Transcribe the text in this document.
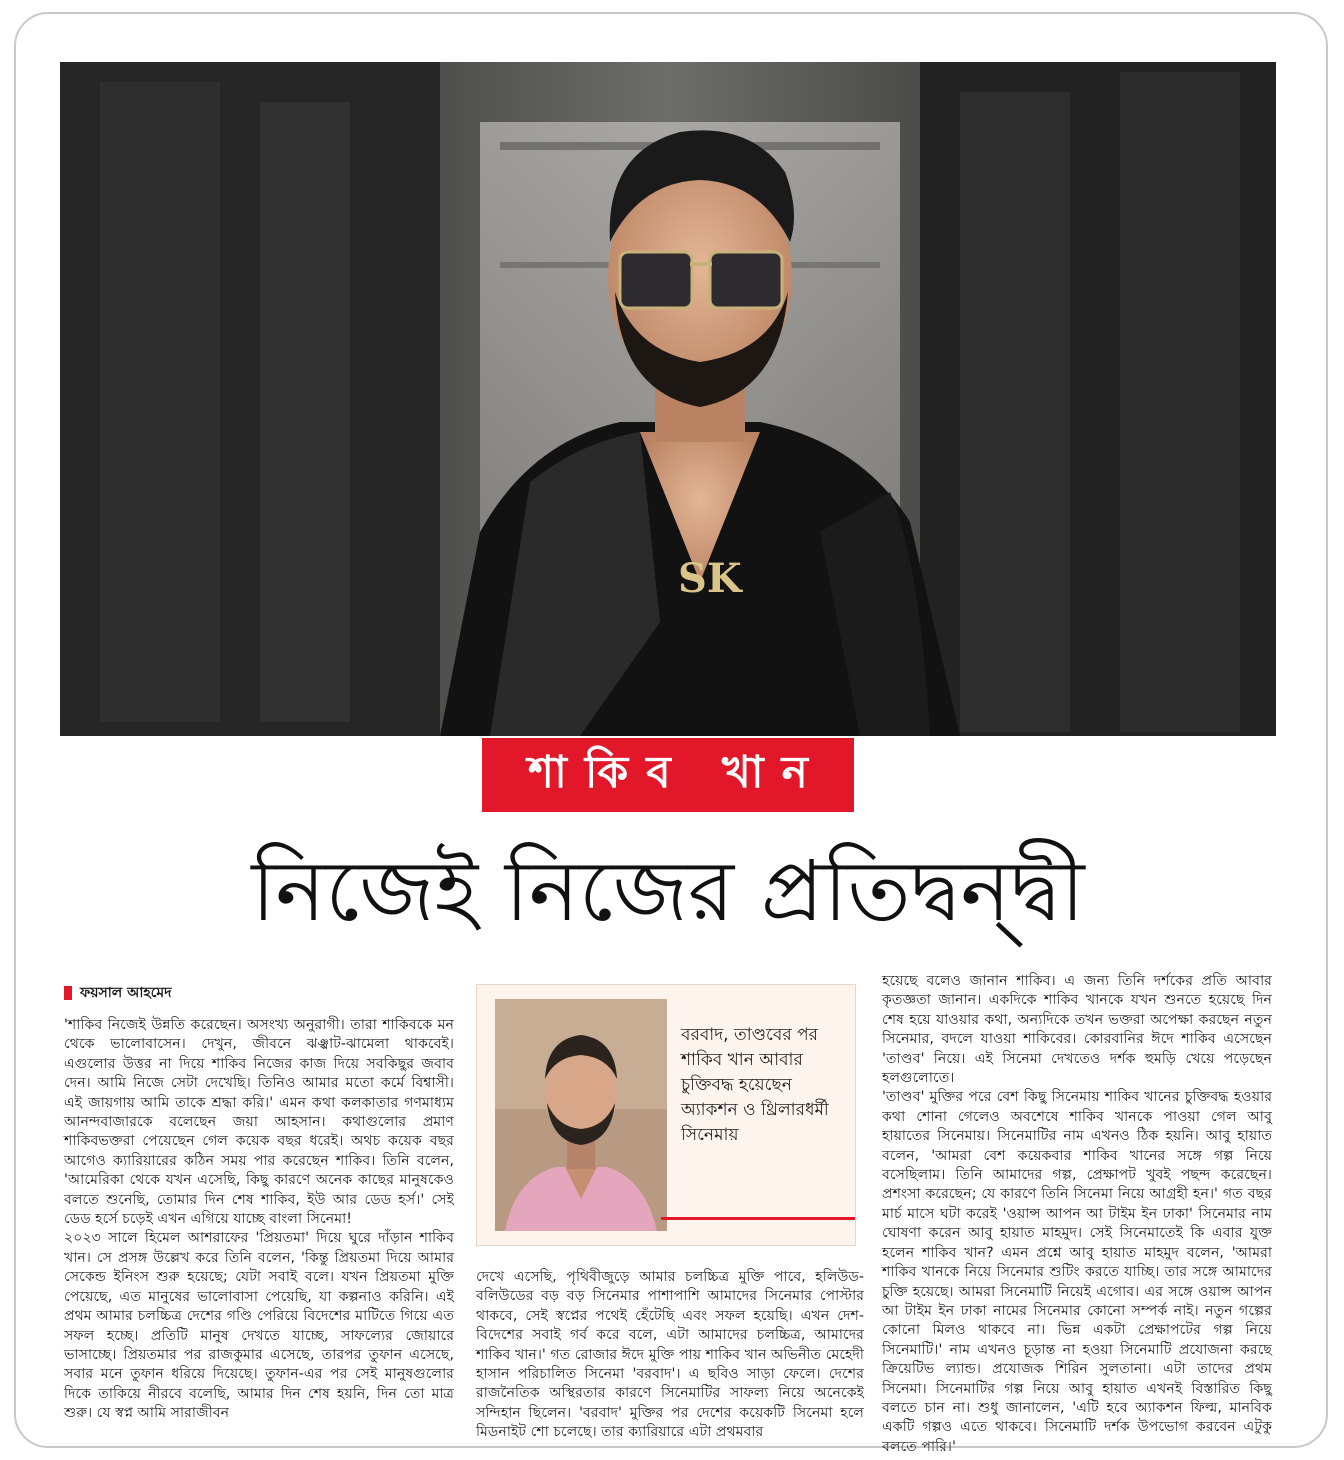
SK
শাকিব খান
নিজেই নিজের প্রতিদ্বন্দ্বী
ফয়সাল আহমেদ

'শাকিব নিজেই উন্নতি করেছেন। অসংখ্য অনুরাগী। তারা শাকিবকে মন থেকে ভালোবাসেন। দেখুন, জীবনে ঝঞ্ঝাট-ঝামেলা থাকবেই। এগুলোর উত্তর না দিয়ে শাকিব নিজের কাজ দিয়ে সবকিছুর জবাব দেন। আমি নিজে সেটা দেখেছি। তিনিও আমার মতো কর্মে বিশ্বাসী। এই জায়গায় আমি তাকে শ্রদ্ধা করি।' এমন কথা কলকাতার গণমাধ্যম আনন্দবাজারকে বলেছেন জয়া আহসান। কথাগুলোর প্রমাণ শাকিবভক্তরা পেয়েছেন গেল কয়েক বছর ধরেই। অথচ কয়েক বছর আগেও ক্যারিয়ারের কঠিন সময় পার করেছেন শাকিব। তিনি বলেন, 'আমেরিকা থেকে যখন এসেছি, কিছু কারণে অনেক কাছের মানুষকেও বলতে শুনেছি, তোমার দিন শেষ শাকিব, ইউ আর ডেড হর্স।' সেই ডেড হর্সে চড়েই এখন এগিয়ে যাচ্ছে বাংলা সিনেমা!

২০২৩ সালে হিমেল আশরাফের 'প্রিয়তমা' দিয়ে ঘুরে দাঁড়ান শাকিব খান। সে প্রসঙ্গ উল্লেখ করে তিনি বলেন, 'কিন্তু প্রিয়তমা দিয়ে আমার সেকেন্ড ইনিংস শুরু হয়েছে; যেটা সবাই বলে। যখন প্রিয়তমা মুক্তি পেয়েছে, এত মানুষের ভালোবাসা পেয়েছি, যা কল্পনাও করিনি। এই প্রথম আমার চলচ্চিত্র দেশের গণ্ডি পেরিয়ে বিদেশের মাটিতে গিয়ে এত সফল হচ্ছে। প্রতিটি মানুষ দেখতে যাচ্ছে, সাফল্যের জোয়ারে ভাসাচ্ছে। প্রিয়তমার পর রাজকুমার এসেছে, তারপর তুফান এসেছে, সবার মনে তুফান ধরিয়ে দিয়েছে। তুফান-এর পর সেই মানুষগুলোর দিকে তাকিয়ে নীরবে বলেছি, আমার দিন শেষ হয়নি, দিন তো মাত্র শুরু। যে স্বপ্ন আমি সারাজীবন

বরবাদ, তাণ্ডবের পর শাকিব খান আবার চুক্তিবদ্ধ হয়েছেন অ্যাকশন ও থ্রিলারধর্মী সিনেমায়

দেখে এসেছি, পৃথিবীজুড়ে আমার চলচ্চিত্র মুক্তি পাবে, হলিউড-বলিউডের বড় বড় সিনেমার পাশাপাশি আমাদের সিনেমার পোস্টার থাকবে, সেই স্বপ্নের পথেই হেঁটেছি এবং সফল হয়েছি। এখন দেশ-বিদেশের সবাই গর্ব করে বলে, এটা আমাদের চলচ্চিত্র, আমাদের শাকিব খান।' গত রোজার ঈদে মুক্তি পায় শাকিব খান অভিনীত মেহেদী হাসান পরিচালিত সিনেমা 'বরবাদ'। এ ছবিও সাড়া ফেলে। দেশের রাজনৈতিক অস্থিরতার কারণে সিনেমাটির সাফল্য নিয়ে অনেকেই সন্দিহান ছিলেন। 'বরবাদ' মুক্তির পর দেশের কয়েকটি সিনেমা হলে মিডনাইট শো চলেছে। তার ক্যারিয়ারে এটা প্রথমবার

হয়েছে বলেও জানান শাকিব। এ জন্য তিনি দর্শকের প্রতি আবার কৃতজ্ঞতা জানান। একদিকে শাকিব খানকে যখন শুনতে হয়েছে দিন শেষ হয়ে যাওয়ার কথা, অন্যদিকে তখন ভক্তরা অপেক্ষা করছেন নতুন সিনেমার, বদলে যাওয়া শাকিবের। কোরবানির ঈদে শাকিব এসেছেন 'তাণ্ডব' নিয়ে। এই সিনেমা দেখতেও দর্শক হুমড়ি খেয়ে পড়েছেন হলগুলোতে।

'তাণ্ডব' মুক্তির পরে বেশ কিছু সিনেমায় শাকিব খানের চুক্তিবদ্ধ হওয়ার কথা শোনা গেলেও অবশেষে শাকিব খানকে পাওয়া গেল আবু হায়াতের সিনেমায়। সিনেমাটির নাম এখনও ঠিক হয়নি। আবু হায়াত বলেন, 'আমরা বেশ কয়েকবার শাকিব খানের সঙ্গে গল্প নিয়ে বসেছিলাম। তিনি আমাদের গল্প, প্রেক্ষাপট খুবই পছন্দ করেছেন। প্রশংসা করেছেন; যে কারণে তিনি সিনেমা নিয়ে আগ্রহী হন।' গত বছর মার্চ মাসে ঘটা করেই 'ওয়ান্স আপন আ টাইম ইন ঢাকা' সিনেমার নাম ঘোষণা করেন আবু হায়াত মাহমুদ। সেই সিনেমাতেই কি এবার যুক্ত হলেন শাকিব খান? এমন প্রশ্নে আবু হায়াত মাহমুদ বলেন, 'আমরা শাকিব খানকে নিয়ে সিনেমার শুটিং করতে যাচ্ছি। তার সঙ্গে আমাদের চুক্তি হয়েছে। আমরা সিনেমাটি নিয়েই এগোব। এর সঙ্গে ওয়ান্স আপন আ টাইম ইন ঢাকা নামের সিনেমার কোনো সম্পর্ক নাই। নতুন গল্পের কোনো মিলও থাকবে না। ভিন্ন একটা প্রেক্ষাপটের গল্প নিয়ে সিনেমাটি।' নাম এখনও চূড়ান্ত না হওয়া সিনেমাটি প্রযোজনা করছে ক্রিয়েটিভ ল্যান্ড। প্রযোজক শিরিন সুলতানা। এটা তাদের প্রথম সিনেমা। সিনেমাটির গল্প নিয়ে আবু হায়াত এখনই বিস্তারিত কিছু বলতে চান না। শুধু জানালেন, 'এটি হবে অ্যাকশন ফিল্ম, মানবিক একটি গল্পও এতে থাকবে। সিনেমাটি দর্শক উপভোগ করবেন এটুকু বলতে পারি।'
